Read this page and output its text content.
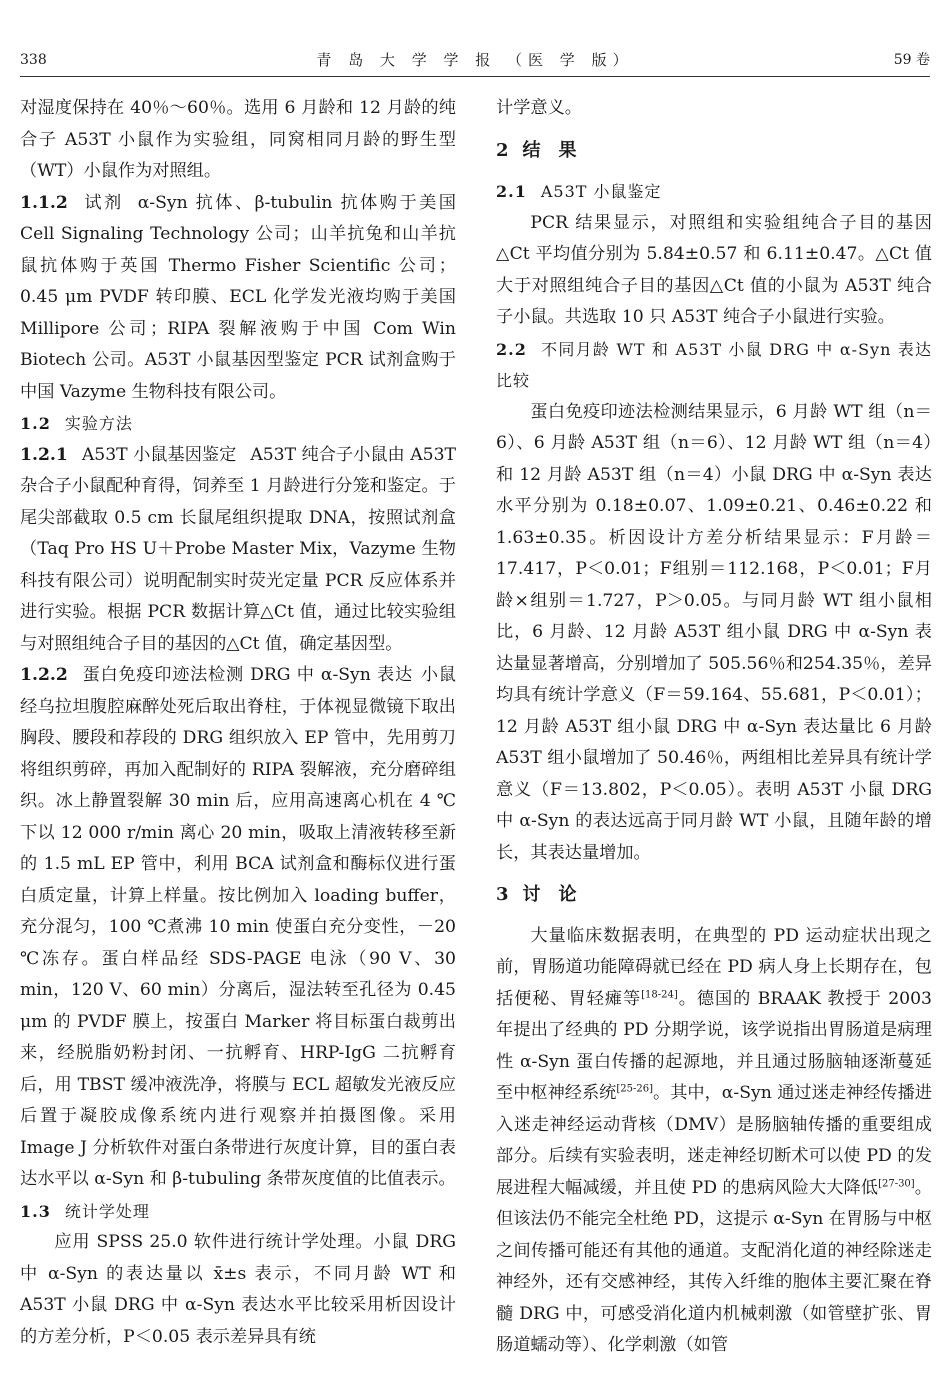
338	青 岛 大 学 学 报 （医 学 版）	59 卷

对湿度保持在 40％～60％。选用 6 月龄和 12 月龄的纯合子 A53T 小鼠作为实验组，同窝相同月龄的野生型（WT）小鼠作为对照组。

1.1.2 试剂 α-Syn 抗体、β-tubulin 抗体购于美国 Cell Signaling Technology 公司；山羊抗兔和山羊抗鼠抗体购于英国 Thermo Fisher Scientific 公司；0.45 μm PVDF 转印膜、ECL 化学发光液均购于美国 Millipore 公司；RIPA 裂解液购于中国 Com Win Biotech 公司。A53T 小鼠基因型鉴定 PCR 试剂盒购于中国 Vazyme 生物科技有限公司。

1.2 实验方法

1.2.1 A53T 小鼠基因鉴定 A53T 纯合子小鼠由 A53T 杂合子小鼠配种育得，饲养至 1 月龄进行分笼和鉴定。于尾尖部截取 0.5 cm 长鼠尾组织提取 DNA，按照试剂盒（Taq Pro HS U＋Probe Master Mix，Vazyme 生物科技有限公司）说明配制实时荧光定量 PCR 反应体系并进行实验。根据 PCR 数据计算△Ct 值，通过比较实验组与对照组纯合子目的基因的△Ct 值，确定基因型。

1.2.2 蛋白免疫印迹法检测 DRG 中 α-Syn 表达 小鼠经乌拉坦腹腔麻醉处死后取出脊柱，于体视显微镜下取出胸段、腰段和荐段的 DRG 组织放入 EP 管中，先用剪刀将组织剪碎，再加入配制好的 RIPA 裂解液，充分磨碎组织。冰上静置裂解 30 min 后，应用高速离心机在 4 ℃下以 12 000 r/min 离心 20 min，吸取上清液转移至新的 1.5 mL EP 管中，利用 BCA 试剂盒和酶标仪进行蛋白质定量，计算上样量。按比例加入 loading buffer，充分混匀，100 ℃煮沸 10 min 使蛋白充分变性，－20 ℃冻存。蛋白样品经 SDS-PAGE 电泳（90 V、30 min，120 V、60 min）分离后，湿法转至孔径为 0.45 μm 的 PVDF 膜上，按蛋白 Marker 将目标蛋白裁剪出来，经脱脂奶粉封闭、一抗孵育、HRP-IgG 二抗孵育后，用 TBST 缓冲液洗净，将膜与 ECL 超敏发光液反应后置于凝胶成像系统内进行观察并拍摄图像。采用 Image J 分析软件对蛋白条带进行灰度计算，目的蛋白表达水平以 α-Syn 和 β-tubuling 条带灰度值的比值表示。

1.3 统计学处理

应用 SPSS 25.0 软件进行统计学处理。小鼠 DRG 中 α-Syn 的表达量以 x̄±s 表示，不同月龄 WT 和 A53T 小鼠 DRG 中 α-Syn 表达水平比较采用析因设计的方差分析，P＜0.05 表示差异具有统

计学意义。

2 结　果

2.1 A53T 小鼠鉴定

PCR 结果显示，对照组和实验组纯合子目的基因△Ct 平均值分别为 5.84±0.57 和 6.11±0.47。△Ct 值大于对照组纯合子目的基因△Ct 值的小鼠为 A53T 纯合子小鼠。共选取 10 只 A53T 纯合子小鼠进行实验。

2.2 不同月龄 WT 和 A53T 小鼠 DRG 中 α-Syn 表达比较

蛋白免疫印迹法检测结果显示，6 月龄 WT 组（n＝6）、6 月龄 A53T 组（n＝6）、12 月龄 WT 组（n＝4）和 12 月龄 A53T 组（n＝4）小鼠 DRG 中 α-Syn 表达水平分别为 0.18±0.07、1.09±0.21、0.46±0.22 和 1.63±0.35。析因设计方差分析结果显示：F月龄＝17.417，P＜0.01；F组别＝112.168，P＜0.01；F月龄×组别＝1.727，P＞0.05。与同月龄 WT 组小鼠相比，6 月龄、12 月龄 A53T 组小鼠 DRG 中 α-Syn 表达量显著增高，分别增加了 505.56％和254.35％，差异均具有统计学意义（F＝59.164、55.681，P＜0.01）；12 月龄 A53T 组小鼠 DRG 中 α-Syn 表达量比 6 月龄 A53T 组小鼠增加了 50.46％，两组相比差异具有统计学意义（F＝13.802，P＜0.05）。表明 A53T 小鼠 DRG 中 α-Syn 的表达远高于同月龄 WT 小鼠，且随年龄的增长，其表达量增加。

3 讨　论

大量临床数据表明，在典型的 PD 运动症状出现之前，胃肠道功能障碍就已经在 PD 病人身上长期存在，包括便秘、胃轻瘫等[18-24]。德国的 BRAAK 教授于 2003 年提出了经典的 PD 分期学说，该学说指出胃肠道是病理性 α-Syn 蛋白传播的起源地，并且通过肠脑轴逐渐蔓延至中枢神经系统[25-26]。其中，α-Syn 通过迷走神经传播进入迷走神经运动背核（DMV）是肠脑轴传播的重要组成部分。后续有实验表明，迷走神经切断术可以使 PD 的发展进程大幅减缓，并且使 PD 的患病风险大大降低[27-30]。但该法仍不能完全杜绝 PD，这提示 α-Syn 在胃肠与中枢之间传播可能还有其他的通道。支配消化道的神经除迷走神经外，还有交感神经，其传入纤维的胞体主要汇聚在脊髓 DRG 中，可感受消化道内机械刺激（如管壁扩张、胃肠道蠕动等）、化学刺激（如管
